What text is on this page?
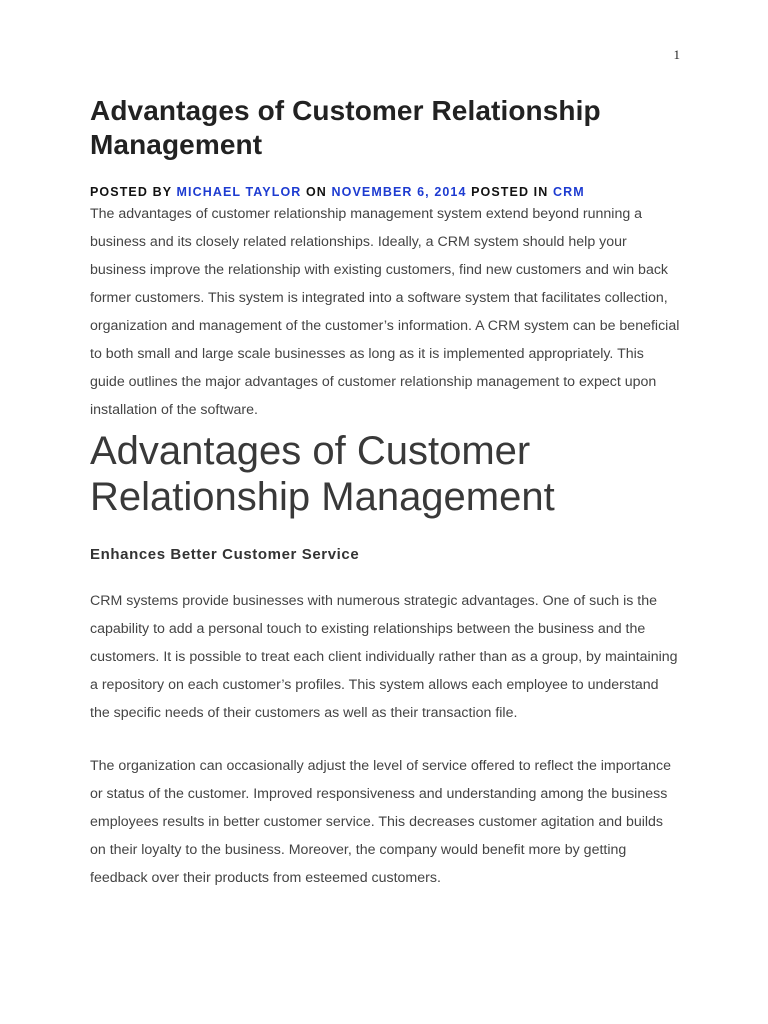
1
Advantages of Customer Relationship Management
POSTED BY MICHAEL TAYLOR ON NOVEMBER 6, 2014 POSTED IN CRM

The advantages of customer relationship management system extend beyond running a business and its closely related relationships. Ideally, a CRM system should help your business improve the relationship with existing customers, find new customers and win back former customers. This system is integrated into a software system that facilitates collection, organization and management of the customer’s information. A CRM system can be beneficial to both small and large scale businesses as long as it is implemented appropriately. This guide outlines the major advantages of customer relationship management to expect upon installation of the software.

Advantages of Customer Relationship Management
Enhances Better Customer Service

CRM systems provide businesses with numerous strategic advantages. One of such is the capability to add a personal touch to existing relationships between the business and the customers. It is possible to treat each client individually rather than as a group, by maintaining a repository on each customer’s profiles. This system allows each employee to understand the specific needs of their customers as well as their transaction file.

The organization can occasionally adjust the level of service offered to reflect the importance or status of the customer. Improved responsiveness and understanding among the business employees results in better customer service. This decreases customer agitation and builds on their loyalty to the business. Moreover, the company would benefit more by getting feedback over their products from esteemed customers.
